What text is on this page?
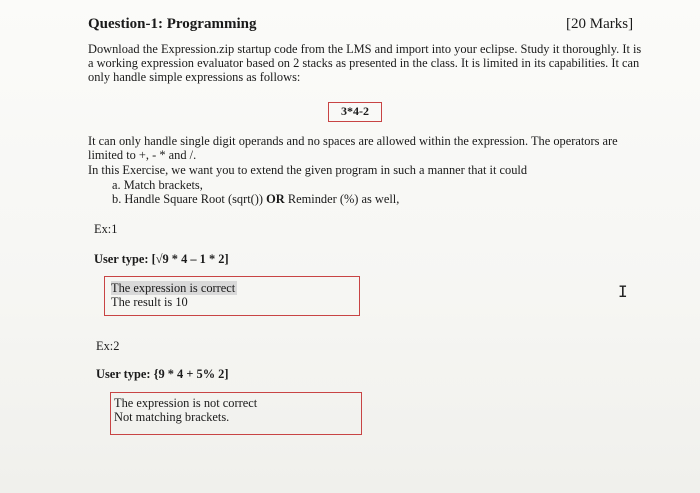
Question-1: Programming	[20 Marks]
Download the Expression.zip startup code from the LMS and import into your eclipse. Study it thoroughly. It is a working expression evaluator based on 2 stacks as presented in the class. It is limited in its capabilities. It can only handle simple expressions as follows:
3*4-2
It can only handle single digit operands and no spaces are allowed within the expression. The operators are limited to +, - * and /.
In this Exercise, we want you to extend the given program in such a manner that it could
a. Match brackets,
b. Handle Square Root (sqrt()) OR Reminder (%) as well,
Ex:1
User type: [√9 * 4 – 1 * 2]
The expression is correct
The result is 10
Ex:2
User type: {9 * 4 + 5% 2]
The expression is not correct
Not matching brackets.
I
